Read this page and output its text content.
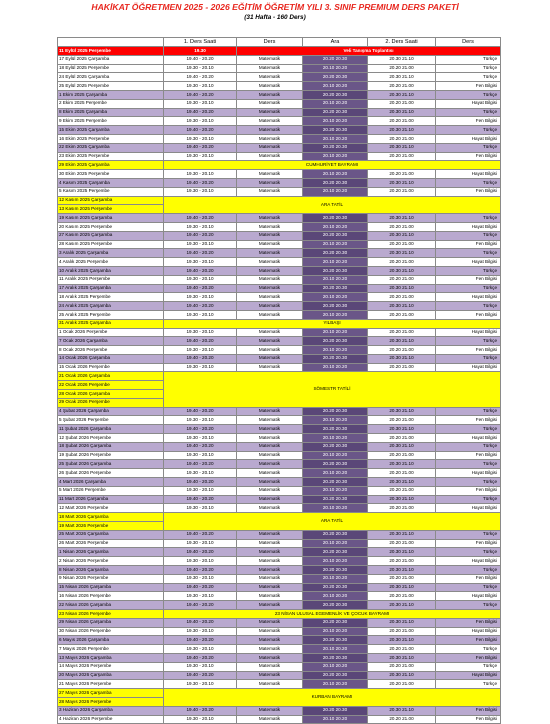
HAKİKAT ÖĞRETMEN 2025 - 2026 EĞİTİM ÖĞRETİM YILI 3. SINIF PREMIUM DERS PAKETİ
(31 Hafta - 160 Ders)
	1. Ders Saati	Ders	Ara	2. Ders Saati	Ders
11 Eylül 2025 Perşembe	19.30	Veli Tanışma Toplantısı			
17 Eylül 2025 Çarşamba	19.40 - 20.20	Matematik	20.20 20.30	20.30 21.10	Türkçe
18 Eylül 2025 Perşembe	19.30 - 20.10	Matematik	20.10 20.20	20.20 21.00	Türkçe
24 Eylül 2025 Çarşamba	19.40 - 20.20	Matematik	20.20 20.30	20.30 21.10	Türkçe
25 Eylül 2025 Perşembe	19.30 - 20.10	Matematik	20.10 20.20	20.20 21.00	Fen Bilgisi
1 Ekim 2025 Çarşamba	19.40 - 20.20	Matematik	20.20 20.30	20.30 21.10	Türkçe
2 Ekim 2025 Perşembe	19.30 - 20.10	Matematik	20.10 20.20	20.20 21.00	Hayat Bilgisi
8 Ekim 2025 Çarşamba	19.40 - 20.20	Matematik	20.20 20.30	20.30 21.10	Türkçe
9 Ekim 2025 Perşembe	19.30 - 20.10	Matematik	20.10 20.20	20.20 21.00	Fen Bilgisi
15 Ekim 2025 Çarşamba	19.40 - 20.20	Matematik	20.20 20.30	20.30 21.10	Türkçe
16 Ekim 2025 Perşembe	19.30 - 20.10	Matematik	20.10 20.20	20.20 21.00	Hayat Bilgisi
22 Ekim 2025 Çarşamba	19.40 - 20.20	Matematik	20.20 20.30	20.30 21.10	Türkçe
23 Ekim 2025 Perşembe	19.30 - 20.10	Matematik	20.10 20.20	20.20 21.00	Fen Bilgisi
29 Ekim 2025 Çarşamba	CUMHURİYET BAYRAMI				
30 Ekim 2025 Perşembe	19.30 - 20.10	Matematik	20.10 20.20	20.20 21.00	Hayat Bilgisi
4 Kasım 2025 Çarşamba	19.40 - 20.20	Matematik	20.20 20.30	20.30 21.10	Türkçe
5 Kasım 2025 Perşembe	19.30 - 20.10	Matematik	20.10 20.20	20.20 21.00	Fen Bilgisi
12 Kasım 2025 Çarşamba	ARA TATİL				
13 Kasım 2025 Perşembe					
19 Kasım 2025 Çarşamba	19.40 - 20.20	Matematik	20.20 20.30	20.30 21.10	Türkçe
20 Kasım 2025 Perşembe	19.30 - 20.10	Matematik	20.10 20.20	20.20 21.00	Hayat Bilgisi
27 Kasım 2025 Çarşamba	19.40 - 20.20	Matematik	20.20 20.30	20.30 21.10	Türkçe
28 Kasım 2025 Perşembe	19.30 - 20.10	Matematik	20.10 20.20	20.20 21.00	Fen Bilgisi
3 Aralık 2025 Çarşamba	19.40 - 20.20	Matematik	20.20 20.30	20.30 21.10	Türkçe
4 Aralık 2025 Perşembe	19.30 - 20.10	Matematik	20.10 20.20	20.20 21.00	Hayat Bilgisi
10 Aralık 2025 Çarşamba	19.40 - 20.20	Matematik	20.20 20.30	20.30 21.10	Türkçe
11 Aralık 2025 Perşembe	19.30 - 20.10	Matematik	20.10 20.20	20.20 21.00	Fen Bilgisi
17 Aralık 2025 Çarşamba	19.40 - 20.20	Matematik	20.20 20.30	20.30 21.10	Türkçe
18 Aralık 2025 Perşembe	19.30 - 20.10	Matematik	20.10 20.20	20.20 21.00	Hayat Bilgisi
24 Aralık 2025 Çarşamba	19.40 - 20.20	Matematik	20.20 20.30	20.30 21.10	Türkçe
25 Aralık 2025 Perşembe	19.30 - 20.10	Matematik	20.10 20.20	20.20 21.00	Fen Bilgisi
31 Aralık 2025 Çarşamba	YILBAŞI				
1 Ocak 2026 Perşembe	19.30 - 20.10	Matematik	20.10 20.20	20.20 21.00	Hayat Bilgisi
7 Ocak 2026 Çarşamba	19.40 - 20.20	Matematik	20.20 20.30	20.30 21.10	Türkçe
8 Ocak 2026 Perşembe	19.30 - 20.10	Matematik	20.10 20.20	20.20 21.00	Fen Bilgisi
14 Ocak 2026 Çarşamba	19.40 - 20.20	Matematik	20.20 20.30	20.30 21.10	Türkçe
15 Ocak 2026 Perşembe	19.30 - 20.10	Matematik	20.10 20.20	20.20 21.00	Hayat Bilgisi
21 Ocak 2026 Çarşamba	SÖMESTR TATİLİ				
22 Ocak 2026 Perşembe					
28 Ocak 2026 Çarşamba					
29 Ocak 2026 Perşembe					
4 Şubat 2026 Çarşamba	19.40 - 20.20	Matematik	20.20 20.30	20.30 21.10	Türkçe
5 Şubat 2026 Perşembe	19.30 - 20.10	Matematik	20.10 20.20	20.20 21.00	Fen Bilgisi
11 Şubat 2026 Çarşamba	19.40 - 20.20	Matematik	20.20 20.30	20.30 21.10	Türkçe
12 Şubat 2026 Perşembe	19.30 - 20.10	Matematik	20.10 20.20	20.20 21.00	Hayat Bilgisi
18 Şubat 2026 Çarşamba	19.40 - 20.20	Matematik	20.20 20.30	20.30 21.10	Türkçe
19 Şubat 2026 Perşembe	19.30 - 20.10	Matematik	20.10 20.20	20.20 21.00	Fen Bilgisi
25 Şubat 2026 Çarşamba	19.40 - 20.20	Matematik	20.20 20.30	20.30 21.10	Türkçe
26 Şubat 2026 Perşembe	19.30 - 20.10	Matematik	20.10 20.20	20.20 21.00	Hayat Bilgisi
4 Mart 2026 Çarşamba	19.40 - 20.20	Matematik	20.20 20.30	20.30 21.10	Türkçe
5 Mart 2026 Perşembe	19.30 - 20.10	Matematik	20.10 20.20	20.20 21.00	Fen Bilgisi
11 Mart 2026 Çarşamba	19.40 - 20.20	Matematik	20.20 20.30	20.30 21.10	Türkçe
12 Mart 2026 Perşembe	19.30 - 20.10	Matematik	20.10 20.20	20.20 21.00	Hayat Bilgisi
18 Mart 2026 Çarşamba	ARA TATİL				
19 Mart 2026 Perşembe					
25 Mart 2026 Çarşamba	19.40 - 20.20	Matematik	20.20 20.30	20.30 21.10	Türkçe
26 Mart 2026 Perşembe	19.30 - 20.10	Matematik	20.10 20.20	20.20 21.00	Fen Bilgisi
1 Nisan 2026 Çarşamba	19.40 - 20.20	Matematik	20.20 20.30	20.30 21.10	Türkçe
2 Nisan 2026 Perşembe	19.30 - 20.10	Matematik	20.10 20.20	20.20 21.00	Hayat Bilgisi
8 Nisan 2026 Çarşamba	19.40 - 20.20	Matematik	20.20 20.30	20.30 21.10	Türkçe
9 Nisan 2026 Perşembe	19.30 - 20.10	Matematik	20.10 20.20	20.20 21.00	Fen Bilgisi
15 Nisan 2026 Çarşamba	19.40 - 20.20	Matematik	20.20 20.30	20.30 21.10	Türkçe
16 Nisan 2026 Perşembe	19.30 - 20.10	Matematik	20.10 20.20	20.20 21.00	Hayat Bilgisi
22 Nisan 2026 Çarşamba	19.40 - 20.20	Matematik	20.20 20.30	20.30 21.10	Türkçe
23 Nisan 2026 Perşembe	23 NİSAN ULUSAL EGEMENLİK VE ÇOCUK BAYRAMI				
29 Nisan 2026 Çarşamba	19.40 - 20.20	Matematik	20.20 20.30	20.30 21.10	Fen Bilgisi
30 Nisan 2026 Perşembe	19.30 - 20.10	Matematik	20.10 20.20	20.20 21.00	Hayat Bilgisi
6 Mayıs 2026 Çarşamba	19.40 - 20.20	Matematik	20.20 20.30	20.30 21.10	Fen Bilgisi
7 Mayıs 2026 Perşembe	19.30 - 20.10	Matematik	20.10 20.20	20.20 21.00	Türkçe
13 Mayıs 2026 Çarşamba	19.40 - 20.20	Matematik	20.20 20.30	20.30 21.10	Fen Bilgisi
14 Mayıs 2026 Perşembe	19.30 - 20.10	Matematik	20.10 20.20	20.20 21.00	Türkçe
20 Mayıs 2026 Çarşamba	19.40 - 20.20	Matematik	20.20 20.30	20.30 21.10	Hayat Bilgisi
21 Mayıs 2026 Perşembe	19.30 - 20.10	Matematik	20.10 20.20	20.20 21.00	Türkçe
27 Mayıs 2026 Çarşamba	KURBAN BAYRAMI				
28 Mayıs 2026 Perşembe					
3 Haziran 2026 Çarşamba	19.40 - 20.20	Matematik	20.20 20.30	20.30 21.10	Fen Bilgisi
4 Haziran 2026 Perşembe	19.30 - 20.10	Matematik	20.10 20.20	20.20 21.00	Fen Bilgisi
